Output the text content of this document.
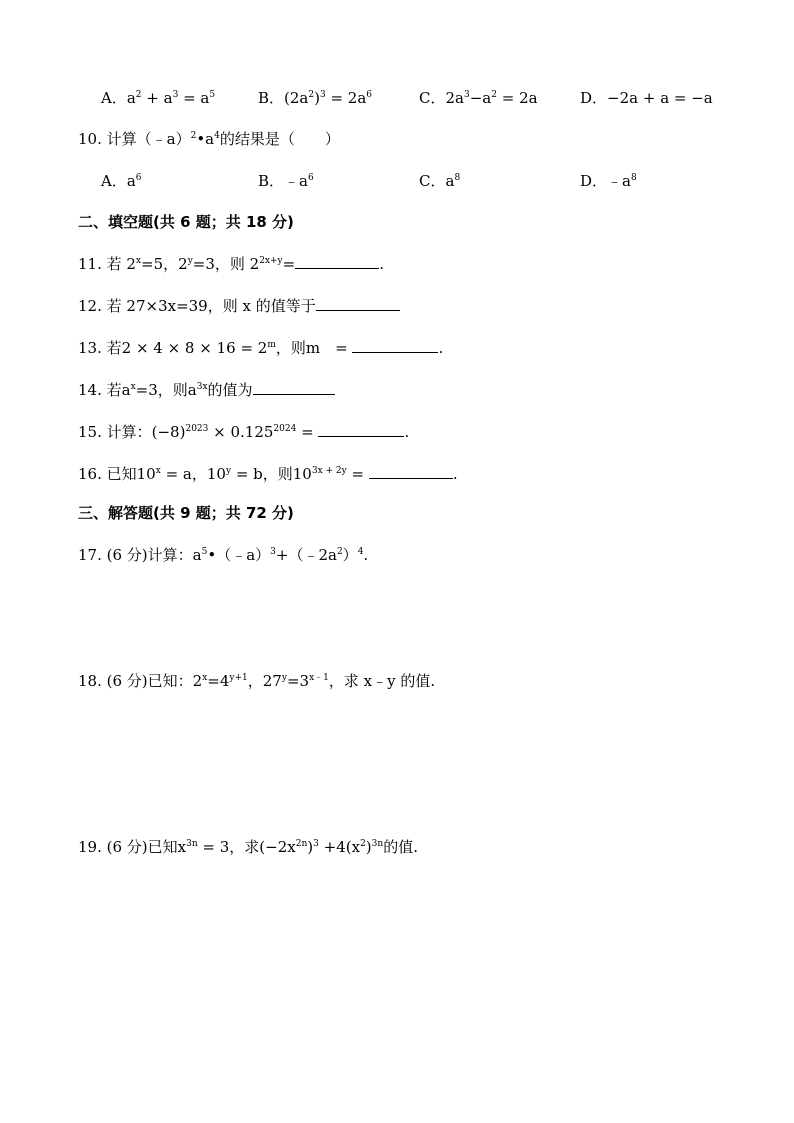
A．$a^2 + a^3 = a^5$	B．$(2a^2)^3 = 2a^6$	C．$2a^3-a^2 = 2a$	D．−2a + a = −a
10. 计算$(﹣a)^2•a^4$的结果是（　　）
A．$a^6$	B．$﹣a^6$	C．$a^8$	D．$﹣a^8$
二、填空题(共 6 题；共 18 分)
11. 若 $2^x=5$，$2^y=3$，则 $2^{2x+y}=$	.
12. 若 27×3x=39，则 x 的值等于
13. 若$2 \times 4 \times 8 \times 16 = 2^m$，则m　=	.
14. 若$a^x=3$，则$a^{3x}$的值为
15. 计算：$(-8)^{2023} \times 0.125^{2024}$ =	.
16. 已知$10^x = a$，$10^y = b$，则$10^{3x + 2y}$ =	.
三、解答题(共 9 题；共 72 分)
17. (6 分)计算：$a^5•(﹣a)^3+(﹣2a^2)^4$.
18. (6 分)已知：$2^x=4^{y+1}$，$27^y=3^{x﹣1}$，求 x﹣y 的值.
19. (6 分)已知$x^{3n} = 3$，求$(-2x^{2n})^3 +4(x^2)^{3n}$的值.
